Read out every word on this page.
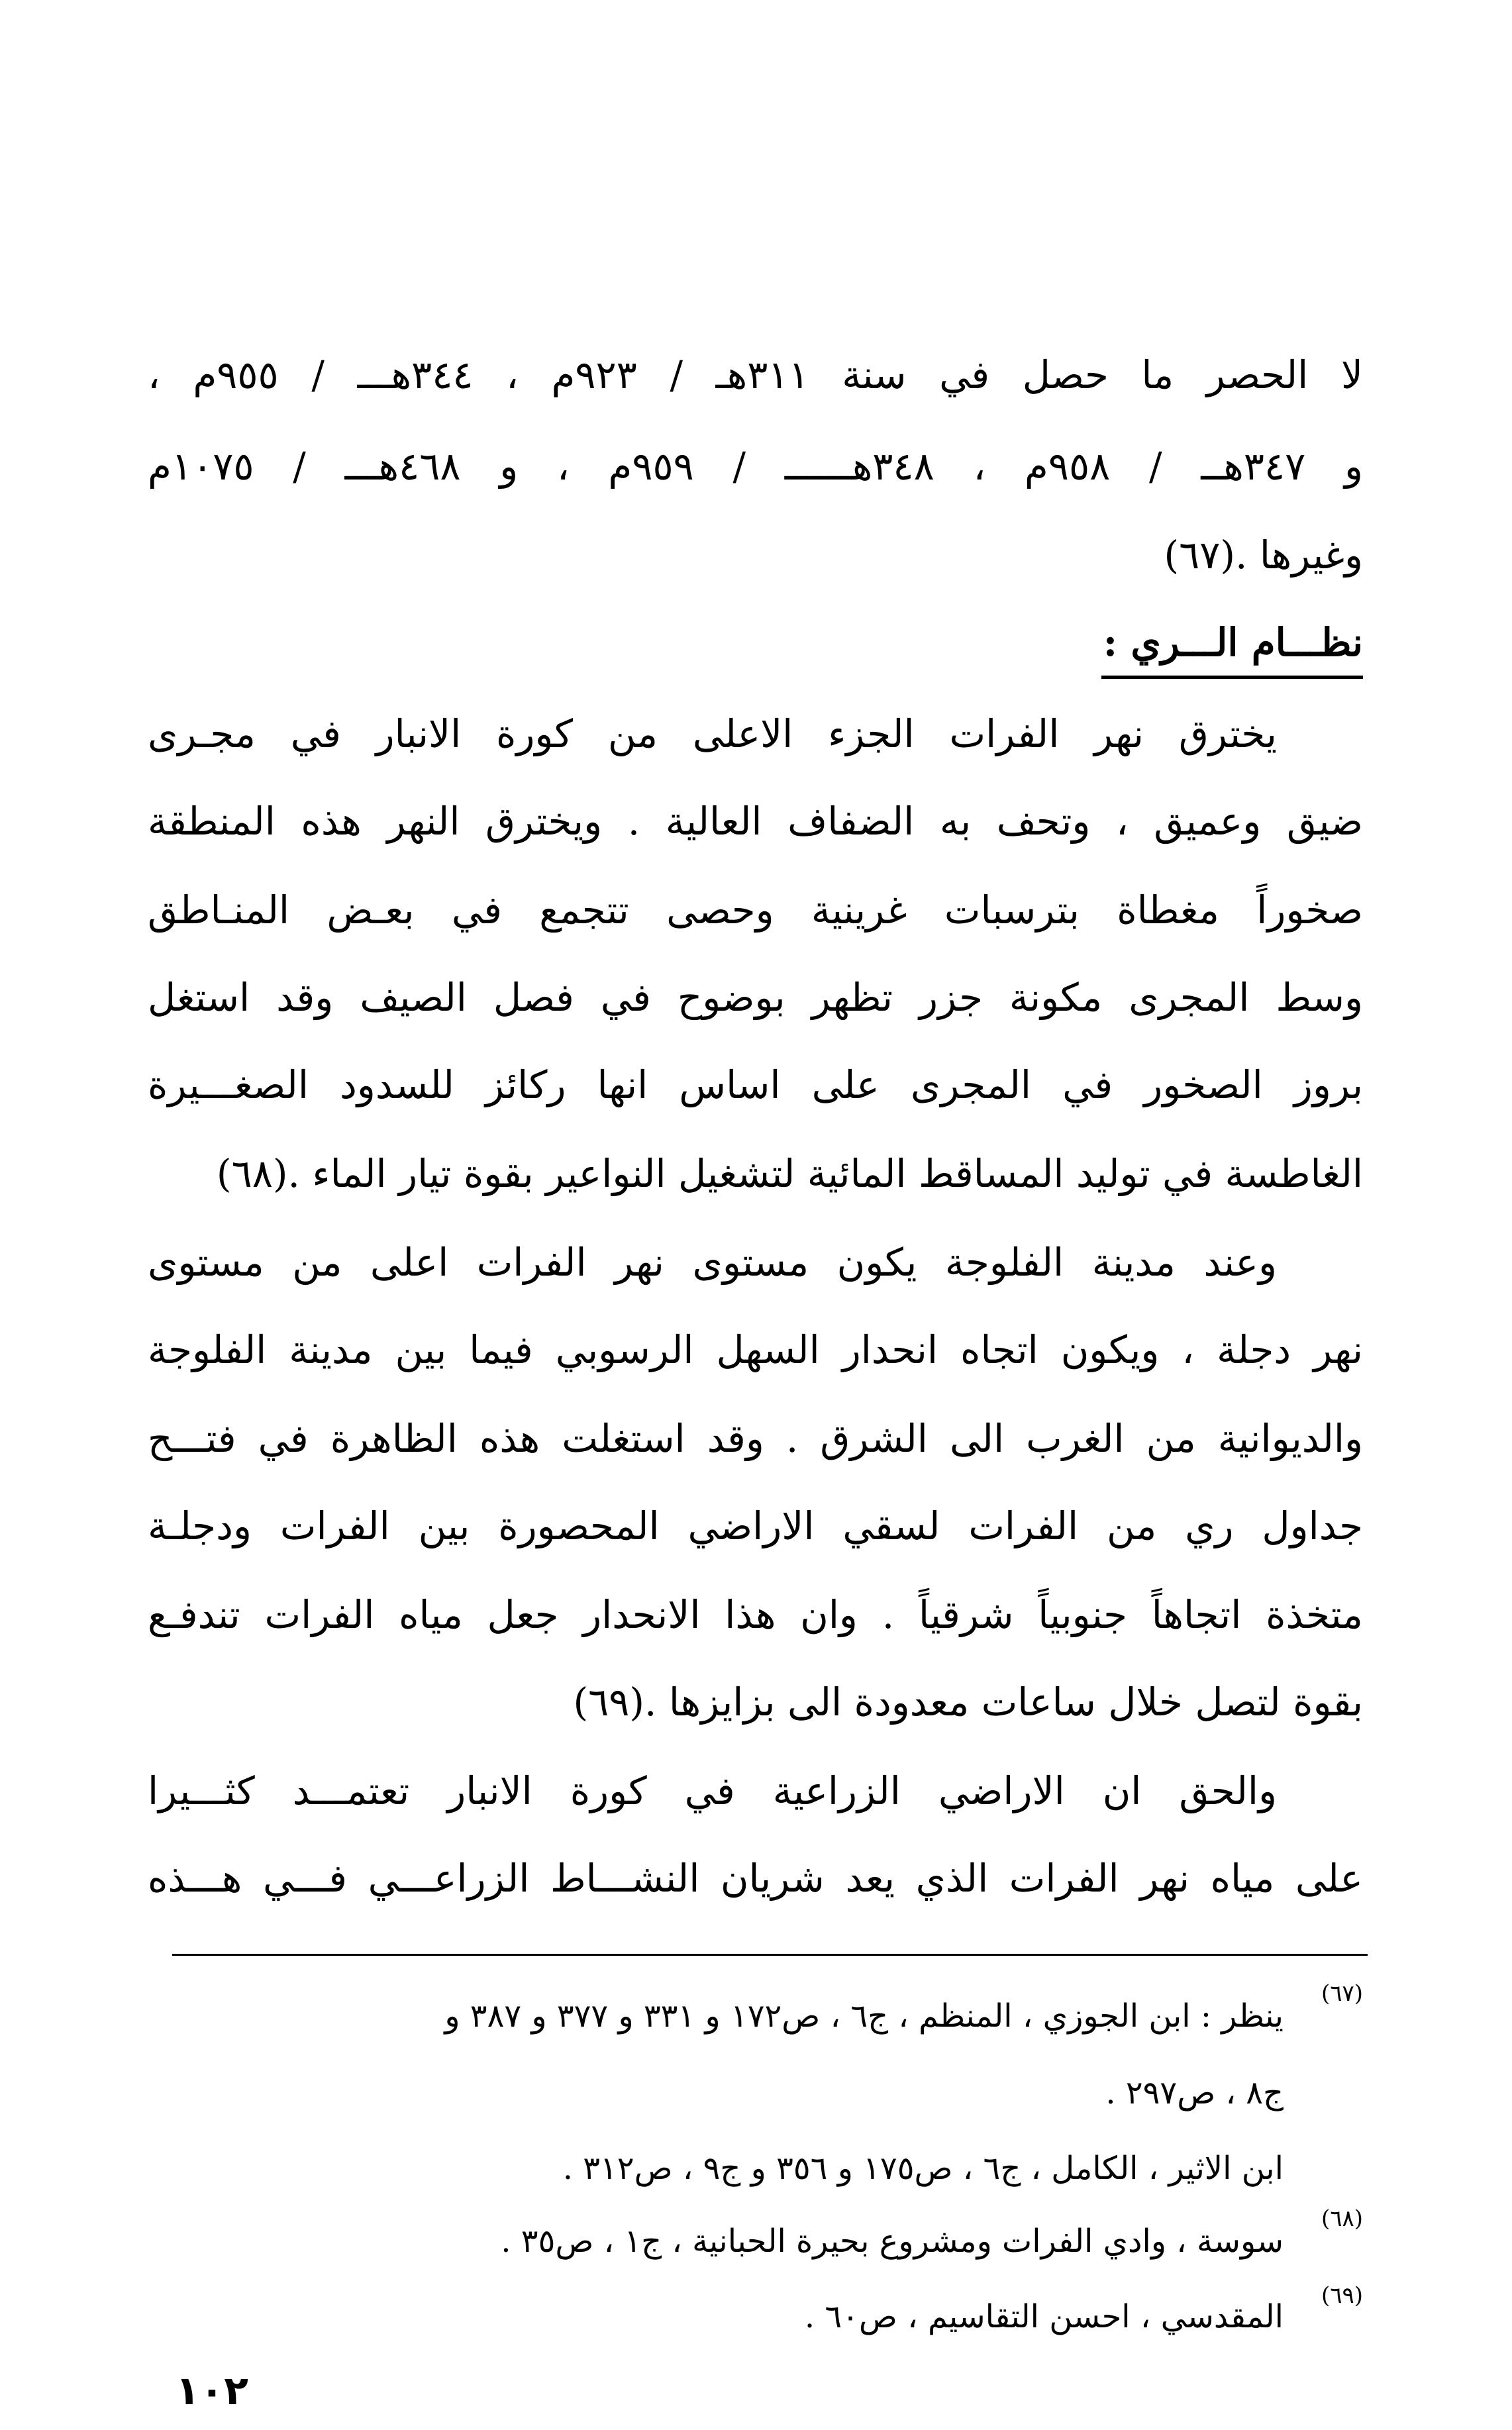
لا الحصر ما حصل في سنة ٣١١هـ / ٩٢٣م ، ٣٤٤هـــ / ٩٥٥م ،
و ٣٤٧هــ / ٩٥٨م ، ٣٤٨هــــــ / ٩٥٩م ، و ٤٦٨هـــ / ١٠٧٥م
وغيرها .(٦٧)
نظـــام الـــري :
يخترق نهر الفرات الجزء الاعلى من كورة الانبار في مجـرى
ضيق وعميق ، وتحف به الضفاف العالية . ويخترق النهر هذه المنطقة
صخوراً مغطاة بترسبات غرينية وحصى تتجمع في بعـض المنـاطق
وسط المجرى مكونة جزر تظهر بوضوح في فصل الصيف وقد استغل
بروز الصخور في المجرى على اساس انها ركائز للسدود الصغـــيرة
الغاطسة في توليد المساقط المائية لتشغيل النواعير بقوة تيار الماء .(٦٨)
وعند مدينة الفلوجة يكون مستوى نهر الفرات اعلى من مستوى
نهر دجلة ، ويكون اتجاه انحدار السهل الرسوبي فيما بين مدينة الفلوجة
والديوانية من الغرب الى الشرق . وقد استغلت هذه الظاهرة في فتـــح
جداول ري من الفرات لسقي الاراضي المحصورة بين الفرات ودجلـة
متخذة اتجاهاً جنوبياً شرقياً . وان هذا الانحدار جعل مياه الفرات تندفـع
بقوة لتصل خلال ساعات معدودة الى بزايزها .(٦٩)
والحق ان الاراضي الزراعية في كورة الانبار تعتمـــد كثـــيرا
على مياه نهر الفرات الذي يعد شريان النشـــاط الزراعـــي فـــي هـــذه
(٦٧)
ينظر : ابن الجوزي ، المنظم ، ج٦ ، ص١٧٢ و ٣٣١ و ٣٧٧ و ٣٨٧ و
ج٨ ، ص٢٩٧ .
ابن الاثير ، الكامل ، ج٦ ، ص١٧٥ و ٣٥٦ و ج٩ ، ص٣١٢ .
(٦٨)
سوسة ، وادي الفرات ومشروع بحيرة الحبانية ، ج١ ، ص٣٥ .
(٦٩)
المقدسي ، احسن التقاسيم ، ص٦٠ .
١٠٢
